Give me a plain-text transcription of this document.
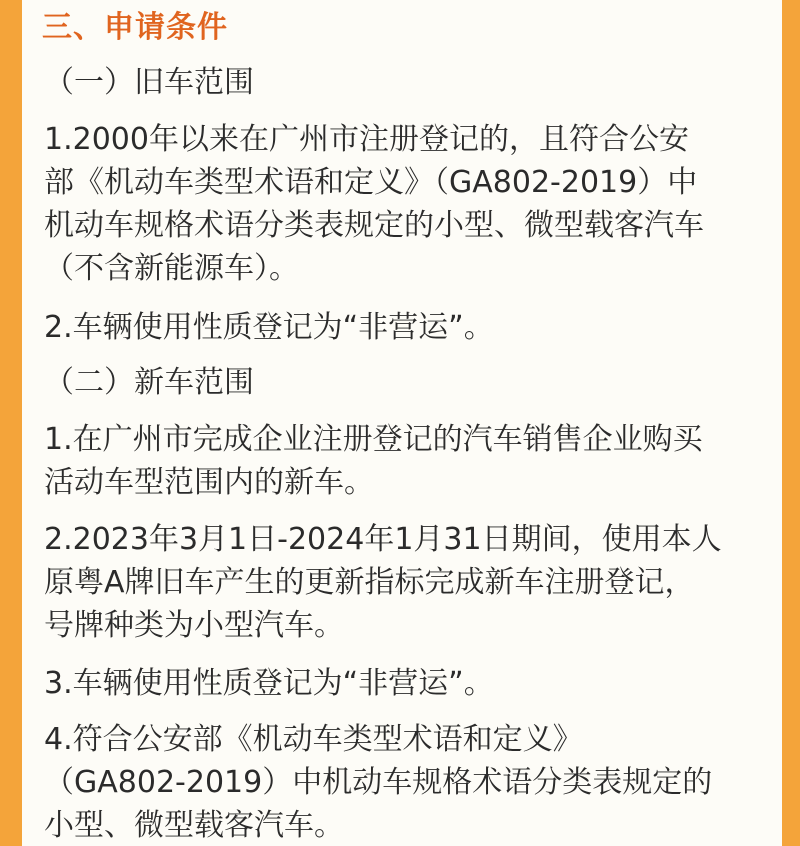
三、申请条件

（一）旧车范围

1.2000年以来在广州市注册登记的，且符合公安
部《机动车类型术语和定义》（GA802-2019）中
机动车规格术语分类表规定的小型、微型载客汽车
（不含新能源车）。

2.车辆使用性质登记为“非营运”。

（二）新车范围

1.在广州市完成企业注册登记的汽车销售企业购买
活动车型范围内的新车。

2.2023年3月1日-2024年1月31日期间，使用本人
原粤A牌旧车产生的更新指标完成新车注册登记，
号牌种类为小型汽车。

3.车辆使用性质登记为“非营运”。

4.符合公安部《机动车类型术语和定义》
（GA802-2019）中机动车规格术语分类表规定的
小型、微型载客汽车。
